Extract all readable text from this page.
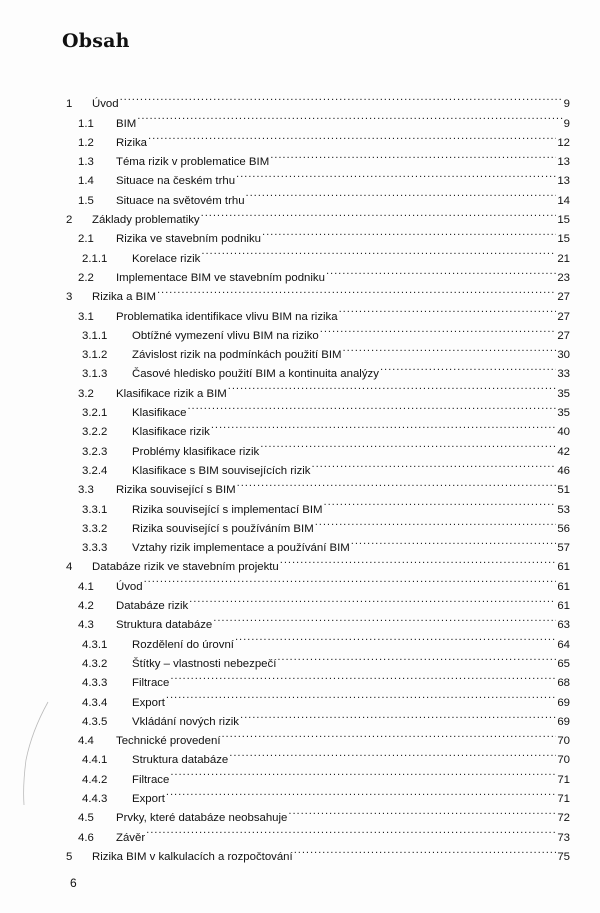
Obsah
1	Úvod .....	9
1.1	BIM .....	9
1.2	Rizika .....	12
1.3	Téma rizik v problematice BIM .....	13
1.4	Situace na českém trhu .....	13
1.5	Situace na světovém trhu .....	14
2	Základy problematiky .....	15
2.1	Rizika ve stavebním podniku .....	15
2.1.1	Korelace rizik .....	21
2.2	Implementace BIM ve stavebním podniku .....	23
3	Rizika a BIM .....	27
3.1	Problematika identifikace vlivu BIM na rizika .....	27
3.1.1	Obtížné vymezení vlivu BIM na riziko .....	27
3.1.2	Závislost rizik na podmínkách použití BIM .....	30
3.1.3	Časové hledisko použití BIM a kontinuita analýzy .....	33
3.2	Klasifikace rizik a BIM .....	35
3.2.1	Klasifikace .....	35
3.2.2	Klasifikace rizik .....	40
3.2.3	Problémy klasifikace rizik .....	42
3.2.4	Klasifikace s BIM souvisejících rizik .....	46
3.3	Rizika související s BIM .....	51
3.3.1	Rizika související s implementací BIM .....	53
3.3.2	Rizika související s používáním BIM .....	56
3.3.3	Vztahy rizik implementace a používání BIM .....	57
4	Databáze rizik ve stavebním projektu .....	61
4.1	Úvod .....	61
4.2	Databáze rizik .....	61
4.3	Struktura databáze .....	63
4.3.1	Rozdělení do úrovní .....	64
4.3.2	Štítky – vlastnosti nebezpečí .....	65
4.3.3	Filtrace .....	68
4.3.4	Export .....	69
4.3.5	Vkládání nových rizik .....	69
4.4	Technické provedení .....	70
4.4.1	Struktura databáze .....	70
4.4.2	Filtrace .....	71
4.4.3	Export .....	71
4.5	Prvky, které databáze neobsahuje .....	72
4.6	Závěr .....	73
5	Rizika BIM v kalkulacích a rozpočtování .....	75
6
